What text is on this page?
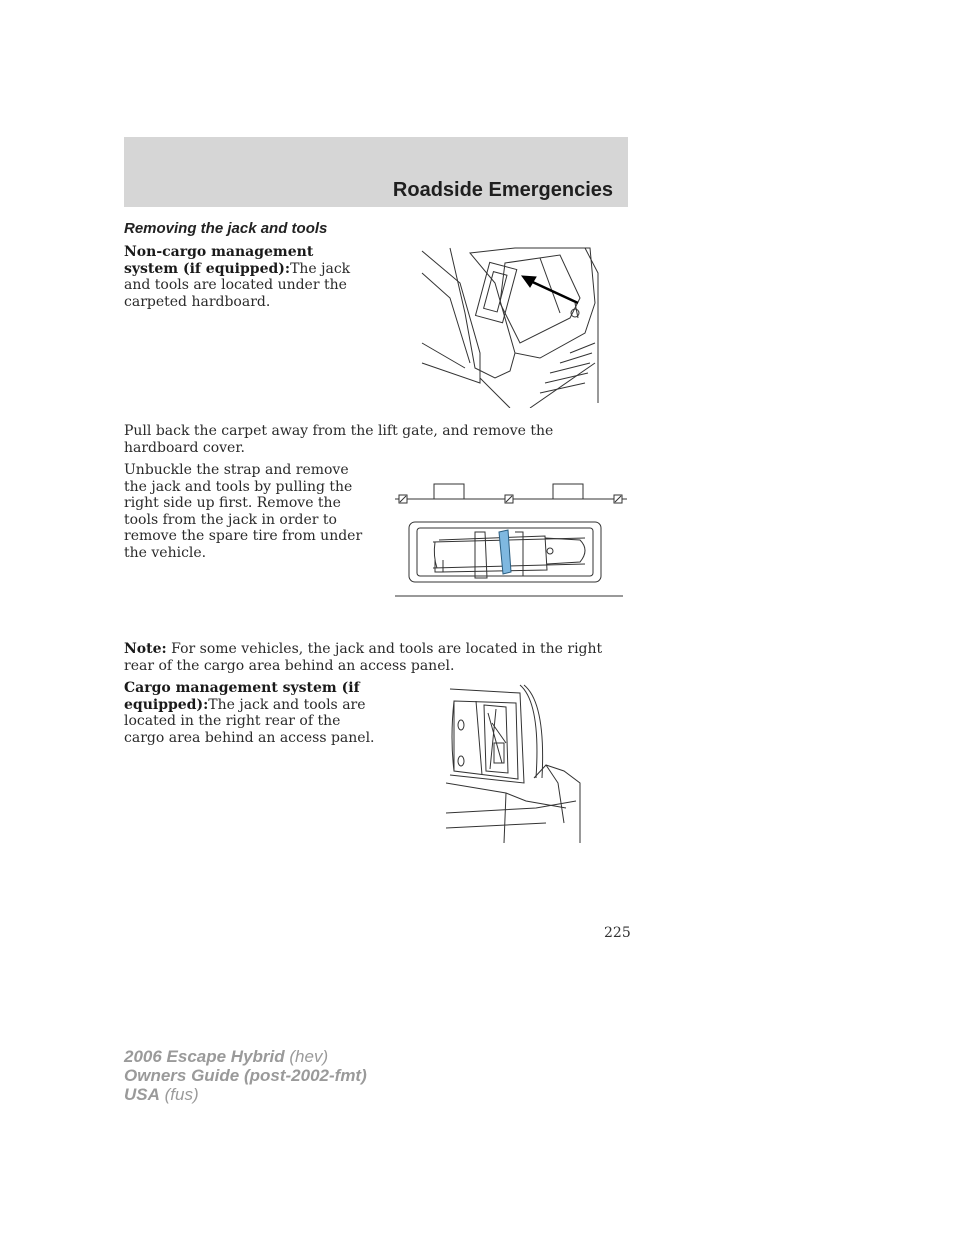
Roadside Emergencies
Removing the jack and tools

Non-cargo management system (if equipped):The jack and tools are located under the carpeted hardboard.

Pull back the carpet away from the lift gate, and remove the hardboard cover.

Unbuckle the strap and remove the jack and tools by pulling the right side up first. Remove the tools from the jack in order to remove the spare tire from under the vehicle.

Note: For some vehicles, the jack and tools are located in the right rear of the cargo area behind an access panel.

Cargo management system (if equipped):The jack and tools are located in the right rear of the cargo area behind an access panel.

225
2006 Escape Hybrid (hev)
Owners Guide (post-2002-fmt)
USA (fus)
